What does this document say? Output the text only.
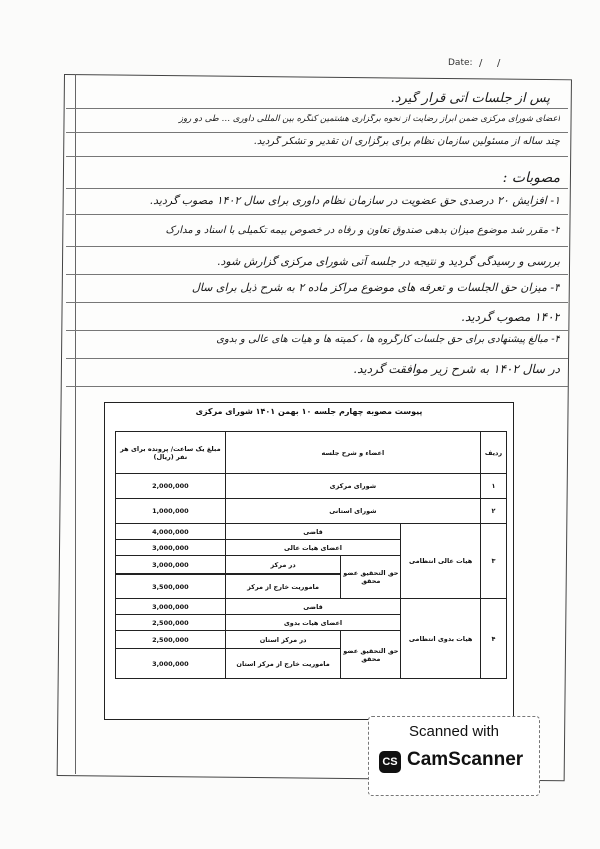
Date: / /
پس از جلسات آتی قرار گیرد.
اعضای شورای مرکزی ضمن ابراز رضایت از نحوه برگزاری هشتمین کنگره بین المللی داوری … طی دو روز
چند ساله از مسئولین سازمان نظام برای برگزاری آن تقدیر و تشکر گردید.
مصوبات :
۱- افزایش ۲۰ درصدی حق عضویت در سازمان نظام داوری برای سال ۱۴۰۲ مصوب گردید.
۲- مقرر شد موضوع میزان بدهی صندوق تعاون و رفاه در خصوص بیمه تکمیلی با اسناد و مدارک
بررسی و رسیدگی گردید و نتیجه در جلسه آتی شورای مرکزی گزارش شود.
۳- میزان حق الجلسات و تعرفه های موضوع مراکز ماده ۲ به شرح ذیل برای سال
۱۴۰۲ مصوب گردید.
۴- مبالغ پیشنهادی برای حق جلسات کارگروه ها ، کمیته ها و هیات های عالی و بدوی
در سال ۱۴۰۲ به شرح زیر موافقت گردید.
پیوست مصوبه چهارم جلسه ۱۰ بهمن ۱۴۰۱ شورای مرکزی
ردیف	اعضاء و شرح جلسه			مبلغ یک ساعت/ پرونده برای هر نفر (ریال)
۱	شورای مرکزی			2,000,000
۲	شورای استانی			1,000,000
۳	هیات عالی انتظامی	قاضی		4,000,000
		اعضای هیات عالی		3,000,000
		حق التحقیق عضو محقق	در مرکز	3,000,000

			ماموریت خارج از مرکز	3,500,000
۴	هیات بدوی انتظامی	قاضی		3,000,000
		اعضای هیات بدوی		2,500,000
		حق التحقیق عضو محقق	در مرکز استان	2,500,000
			ماموریت خارج از مرکز استان	3,000,000
Scanned with
CS CamScanner
